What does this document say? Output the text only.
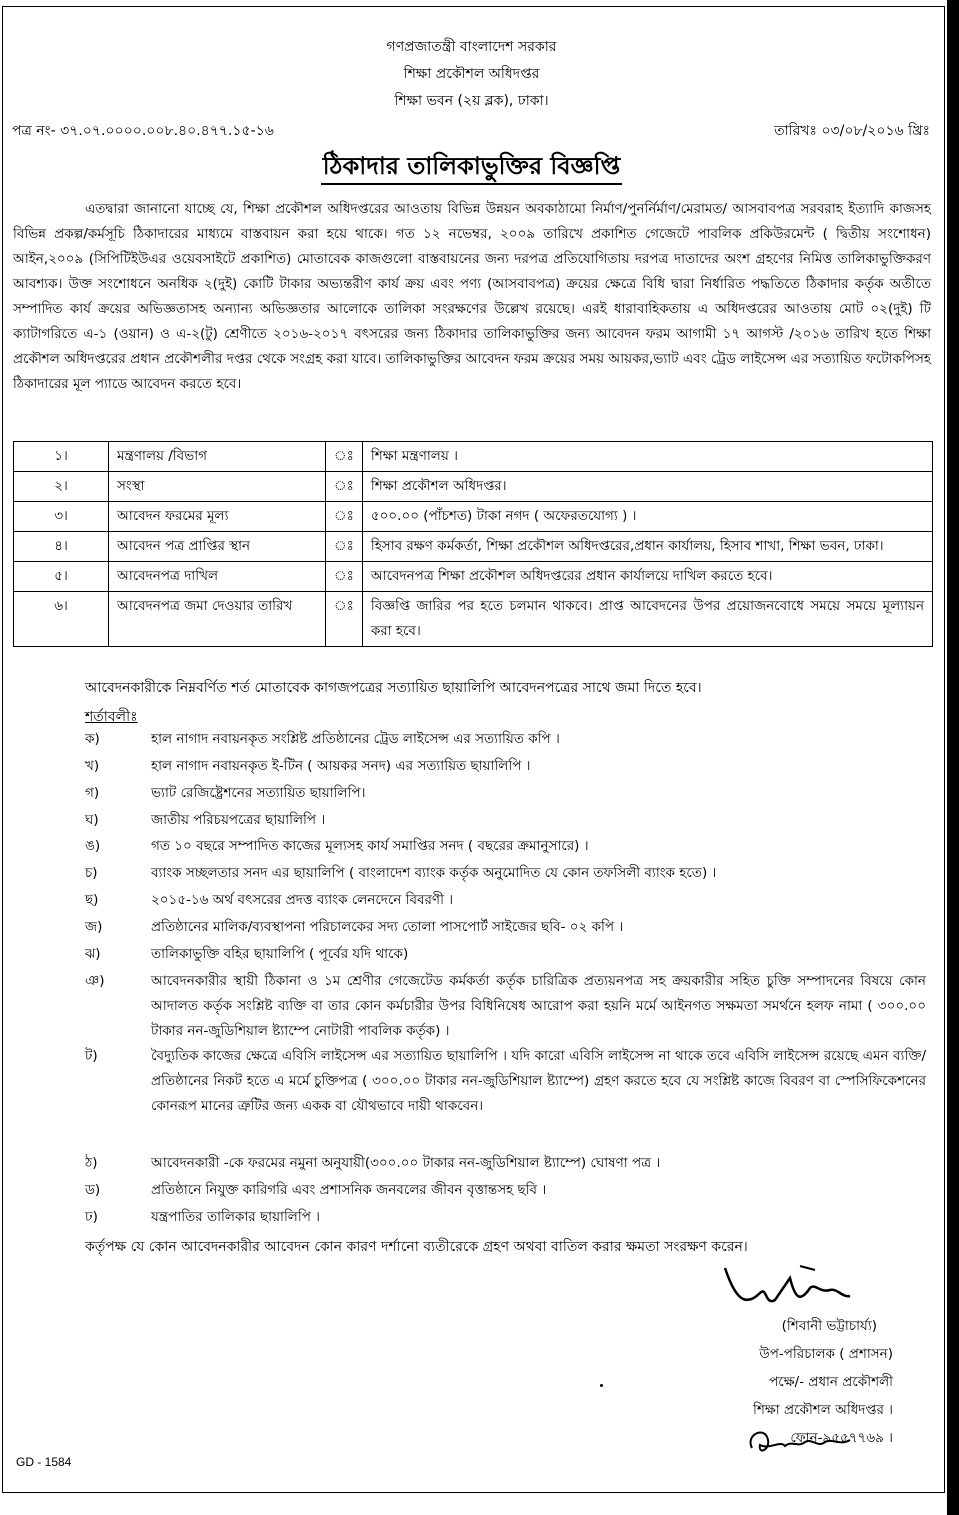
গণপ্রজাতন্ত্রী বাংলাদেশ সরকার
শিক্ষা প্রকৌশল অধিদপ্তর
শিক্ষা ভবন (২য় ব্লক), ঢাকা।
পত্র নং- ৩৭.০৭.০০০০.০০৮.৪০.৪৭৭.১৫-১৬	তারিখঃ ০৩/০৮/২০১৬ খ্রিঃ
ঠিকাদার তালিকাভুক্তির বিজ্ঞপ্তি

এতদ্বারা জানানো যাচ্ছে যে, শিক্ষা প্রকৌশল অধিদপ্তরের আওতায় বিভিন্ন উন্নয়ন অবকাঠামো নির্মাণ/পুনর্নির্মাণ/মেরামত/ আসবাবপত্র সরবরাহ ইত্যাদি কাজসহ বিভিন্ন প্রকল্প/কর্মসূচি ঠিকাদারের মাধ্যমে বাস্তবায়ন করা হয়ে থাকে। গত ১২ নভেম্বর, ২০০৯ তারিখে প্রকাশিত গেজেটে পাবলিক প্রকিউরমেন্ট ( দ্বিতীয় সংশোধন) আইন,২০০৯ (সিপিটিইউএর ওয়েবসাইটে প্রকাশিত) মোতাবেক কাজগুলো বাস্তবায়নের জন্য দরপত্র প্রতিযোগিতায় দরপত্র দাতাদের অংশ গ্রহণের নিমিত্ত তালিকাভুক্তিকরণ আবশ্যক। উক্ত সংশোধনে অনধিক ২(দুই) কোটি টাকার অভ্যন্তরীণ কার্য ক্রয় এবং পণ্য (আসবাবপত্র) ক্রয়ের ক্ষেত্রে বিধি দ্বারা নির্ধারিত পদ্ধতিতে ঠিকাদার কর্তৃক অতীতে সম্পাদিত কার্য ক্রয়ের অভিজ্ঞতাসহ অন্যান্য অভিজ্ঞতার আলোকে তালিকা সংরক্ষণের উল্লেখ রয়েছে। এরই ধারাবাহিকতায় এ অধিদপ্তরের আওতায় মোট ০২(দুই) টি ক্যাটাগরিতে এ-১ (ওয়ান) ও এ-২(টু) শ্রেণীতে ২০১৬-২০১৭ বৎসরের জন্য ঠিকাদার তালিকাভুক্তির জন্য আবেদন ফরম আগামী ১৭ আগস্ট /২০১৬ তারিখ হতে শিক্ষা প্রকৌশল অধিদপ্তরের প্রধান প্রকৌশলীর দপ্তর থেকে সংগ্রহ করা যাবে। তালিকাভুক্তির আবেদন ফরম ক্রয়ের সময় আয়কর,ভ্যাট এবং ট্রেড লাইসেন্স এর সত্যায়িত ফটোকপিসহ ঠিকাদারের মূল প্যাডে আবেদন করতে হবে।

১।	মন্ত্রণালয় /বিভাগ	ঃ	শিক্ষা মন্ত্রণালয় ।
২।	সংস্থা	ঃ	শিক্ষা প্রকৌশল অধিদপ্তর।
৩।	আবেদন ফরমের মূল্য	ঃ	৫০০.০০ (পাঁচশত) টাকা নগদ ( অফেরতযোগ্য ) ।
৪।	আবেদন পত্র প্রাপ্তির স্থান	ঃ	হিসাব রক্ষণ কর্মকর্তা, শিক্ষা প্রকৌশল অধিদপ্তরের,প্রধান কার্যালয়, হিসাব শাখা, শিক্ষা ভবন, ঢাকা।
৫।	আবেদনপত্র দাখিল	ঃ	আবেদনপত্র শিক্ষা প্রকৌশল অধিদপ্তরের প্রধান কার্যালয়ে দাখিল করতে হবে।
৬।	আবেদনপত্র জমা দেওয়ার তারিখ	ঃ	বিজ্ঞপ্তি জারির পর হতে চলমান থাকবে। প্রাপ্ত আবেদনের উপর প্রয়োজনবোধে সময়ে সময়ে মূল্যায়ন করা হবে।
আবেদনকারীকে নিম্নবর্ণিত শর্ত মোতাবেক কাগজপত্রের সত্যায়িত ছায়ালিপি আবেদনপত্রের সাথে জমা দিতে হবে।
শর্তাবলীঃ
ক)	হাল নাগাদ নবায়নকৃত সংশ্লিষ্ট প্রতিষ্ঠানের ট্রেড লাইসেন্স এর সত্যায়িত কপি ।
খ)	হাল নাগাদ নবায়নকৃত ই-টিন ( আয়কর সনদ) এর সত্যায়িত ছায়ালিপি ।
গ)	ভ্যাট রেজিষ্ট্রেশনের সত্যায়িত ছায়ালিপি।
ঘ)	জাতীয় পরিচয়পত্রের ছায়ালিপি ।
ঙ)	গত ১০ বছরে সম্পাদিত কাজের মূল্যসহ কার্য সমাপ্তির সনদ ( বছরের ক্রমানুসারে) ।
চ)	ব্যাংক সচ্ছলতার সনদ এর ছায়ালিপি ( বাংলাদেশ ব্যাংক কর্তৃক অনুমোদিত যে কোন তফসিলী ব্যাংক হতে) ।
ছ)	২০১৫-১৬ অর্থ বৎসরের প্রদত্ত ব্যাংক লেনদেনে বিবরণী ।
জ)	প্রতিষ্ঠানের মালিক/ব্যবস্থাপনা পরিচালকের সদ্য তোলা পাসপোর্ট সাইজের ছবি- ০২ কপি ।
ঝ)	তালিকাভুক্তি বহির ছায়ালিপি ( পূর্বের যদি থাকে)
ঞ)	আবেদনকারীর স্থায়ী ঠিকানা ও ১ম শ্রেণীর গেজেটেড কর্মকর্তা কর্তৃক চারিত্রিক প্রত্যয়নপত্র সহ ক্রয়কারীর সহিত চুক্তি সম্পাদনের বিষয়ে কোন আদালত কর্তৃক সংশ্লিষ্ট ব্যক্তি বা তার কোন কর্মচারীর উপর বিধিনিষেধ আরোপ করা হয়নি মর্মে আইনগত সক্ষমতা সমর্থনে হলফ নামা ( ৩০০.০০ টাকার নন-জুডিশিয়াল ষ্ট্যাম্পে নোটারী পাবলিক কর্তৃক) ।
ট)	বৈদ্যুতিক কাজের ক্ষেত্রে এবিসি লাইসেন্স এর সত্যায়িত ছায়ালিপি । যদি কারো এবিসি লাইসেন্স না থাকে তবে এবিসি লাইসেন্স রয়েছে এমন ব্যক্তি/প্রতিষ্ঠানের নিকট হতে এ মর্মে চুক্তিপত্র ( ৩০০.০০ টাকার নন-জুডিশিয়াল ষ্ট্যাম্পে) গ্রহণ করতে হবে যে সংশ্লিষ্ট কাজে বিবরণ বা স্পেসিফিকেশনের কোনরূপ মানের ত্রুটির জন্য একক বা যৌথভাবে দায়ী থাকবেন।
ঠ)	আবেদনকারী -কে ফরমের নমুনা অনুযায়ী(৩০০.০০ টাকার নন-জুডিশিয়াল ষ্ট্যাম্পে) ঘোষণা পত্র ।
ড)	প্রতিষ্ঠানে নিযুক্ত কারিগরি এবং প্রশাসনিক জনবলের জীবন বৃত্তান্তসহ ছবি ।
ঢ)	যন্ত্রপাতির তালিকার ছায়ালিপি ।
কর্তৃপক্ষ যে কোন আবেদনকারীর আবেদন কোন কারণ দর্শানো ব্যতীরেকে গ্রহণ অথবা বাতিল করার ক্ষমতা সংরক্ষণ করেন।
(শিবানী ভট্টাচার্য্য)
উপ-পরিচালক ( প্রশাসন)
পক্ষে/- প্রধান প্রকৌশলী
শিক্ষা প্রকৌশল অধিদপ্তর ।
ফোন-৯৫৫৭৭৬৯ ।
GD - 1584
